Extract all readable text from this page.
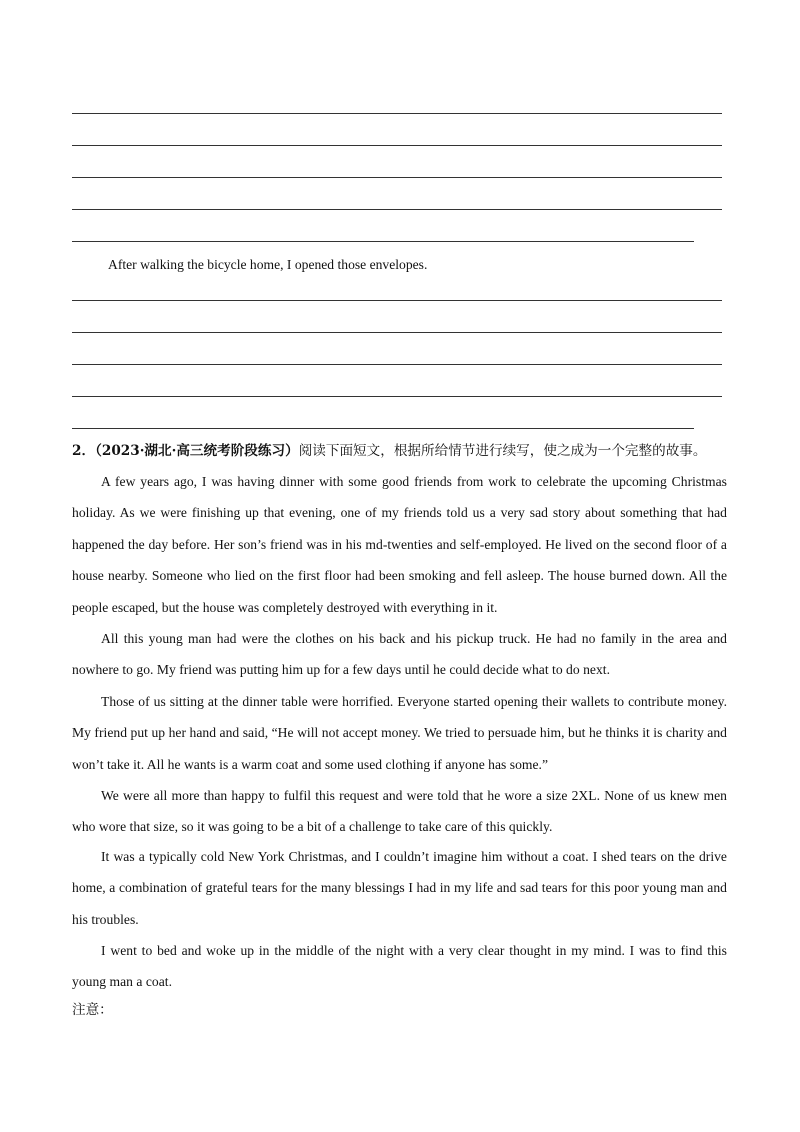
After walking the bicycle home, I opened those envelopes.

2．（2023·湖北·高三统考阶段练习）阅读下面短文，根据所给情节进行续写，使之成为一个完整的故事。

A few years ago, I was having dinner with some good friends from work to celebrate the upcoming Christmas holiday. As we were finishing up that evening, one of my friends told us a very sad story about something that had happened the day before. Her son’s friend was in his md-twenties and self-employed. He lived on the second floor of a house nearby. Someone who lied on the first floor had been smoking and fell asleep. The house burned down. All the people escaped, but the house was completely destroyed with everything in it.

All this young man had were the clothes on his back and his pickup truck. He had no family in the area and nowhere to go. My friend was putting him up for a few days until he could decide what to do next.

Those of us sitting at the dinner table were horrified. Everyone started opening their wallets to contribute money. My friend put up her hand and said, “He will not accept money. We tried to persuade him, but he thinks it is charity and won’t take it. All he wants is a warm coat and some used clothing if anyone has some.”

We were all more than happy to fulfil this request and were told that he wore a size 2XL. None of us knew men who wore that size, so it was going to be a bit of a challenge to take care of this quickly.

It was a typically cold New York Christmas, and I couldn’t imagine him without a coat. I shed tears on the drive home, a combination of grateful tears for the many blessings I had in my life and sad tears for this poor young man and his troubles.

I went to bed and woke up in the middle of the night with a very clear thought in my mind. I was to find this young man a coat.

注意：
